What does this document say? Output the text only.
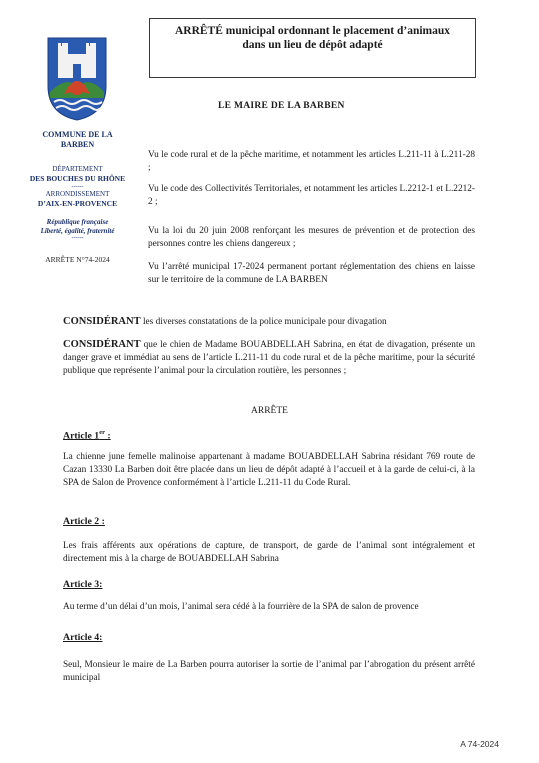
ARRÊTÉ municipal ordonnant le placement d’animaux
dans un lieu de dépôt adapté
COMMUNE DE LA
BARBEN
DÉPARTEMENT
DES BOUCHES DU RHÔNE
------
ARRONDISSEMENT
D’AIX-EN-PROVENCE
République française
Liberté, égalité, fraternité
------
ARRÊTE N°74-2024
LE MAIRE DE LA BARBEN
Vu le code rural et de la pêche maritime, et notamment les articles L.211-11 à L.211-28 ;
Vu le code des Collectivités Territoriales, et notamment les articles L.2212-1 et L.2212-2 ;
Vu la loi du 20 juin 2008 renforçant les mesures de prévention et de protection des personnes contre les chiens dangereux ;
Vu l’arrêté municipal 17-2024 permanent portant réglementation des chiens en laisse sur le territoire de la commune de LA BARBEN
CONSIDÉRANT les diverses constatations de la police municipale pour divagation
CONSIDÉRANT que le chien de Madame BOUABDELLAH Sabrina, en état de divagation, présente un danger grave et immédiat au sens de l’article L.211-11 du code rural et de la pêche maritime, pour la sécurité publique que représente l’animal pour la circulation routière, les personnes ;
ARRÊTE
Article 1er :
La chienne june femelle malinoise appartenant à madame BOUABDELLAH Sabrina résidant 769 route de Cazan 13330 La Barben doit être placée dans un lieu de dépôt adapté à l’accueil et à la garde de celui-ci, à la SPA de Salon de Provence conformément à l’article L.211-11 du Code Rural.
Article 2 :
Les frais afférents aux opérations de capture, de transport, de garde de l’animal sont intégralement et directement mis à la charge de BOUABDELLAH Sabrina
Article 3:
Au terme d’un délai d’un mois, l’animal sera cédé à la fourrière de la SPA de salon de provence
Article 4:
Seul, Monsieur le maire de La Barben pourra autoriser la sortie de l’animal par l’abrogation du présent arrêté municipal
A 74-2024
